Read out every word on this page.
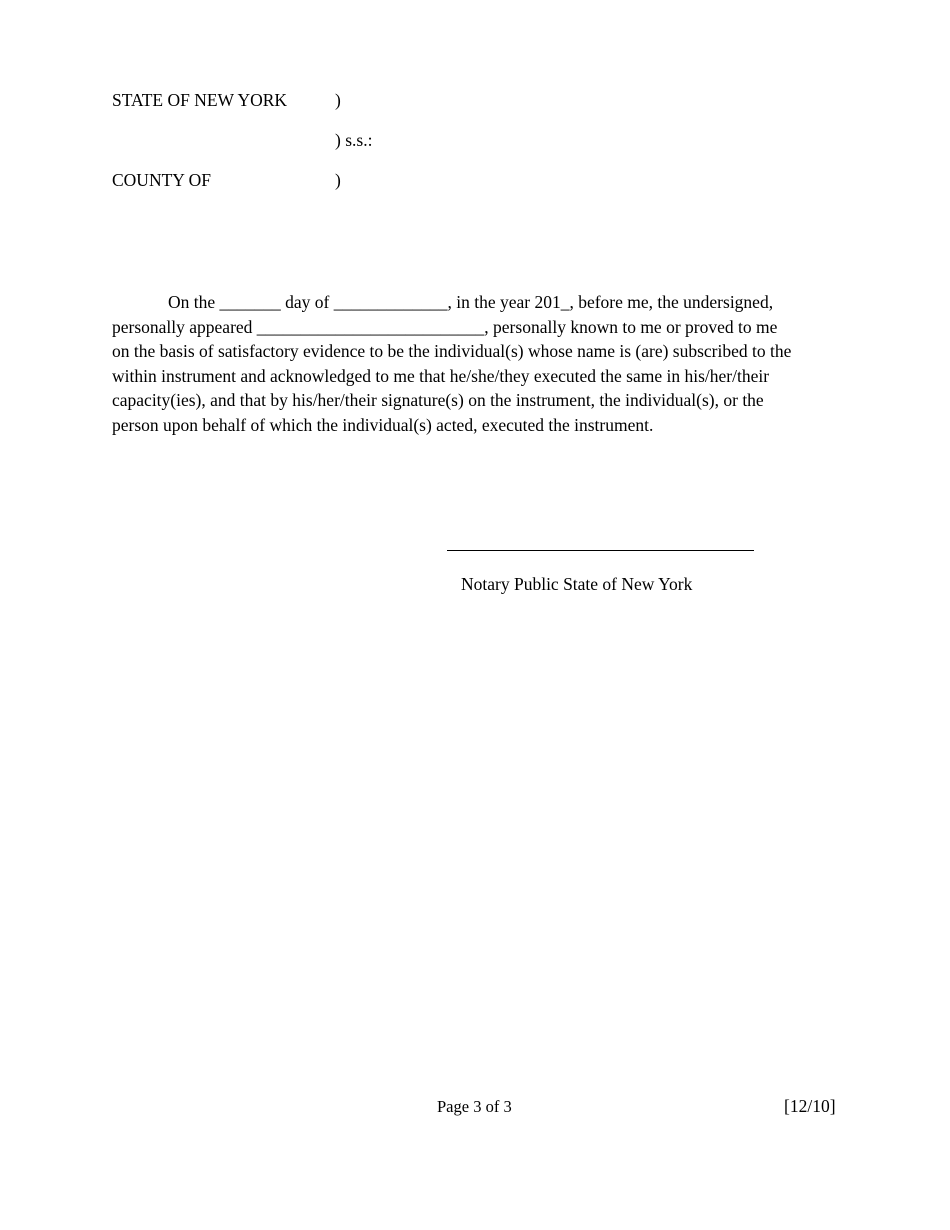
STATE OF NEW YORK	)
) s.s.:
COUNTY OF	)
On the _______ day of _____________, in the year 201_, before me, the undersigned,
personally appeared __________________________, personally known to me or proved to me
on the basis of satisfactory evidence to be the individual(s) whose name is (are) subscribed to the
within instrument and acknowledged to me that he/she/they executed the same in his/her/their
capacity(ies), and that by his/her/their signature(s) on the instrument, the individual(s), or the
person upon behalf of which the individual(s) acted, executed the instrument.
Notary Public State of New York
Page 3 of 3	[12/10]
